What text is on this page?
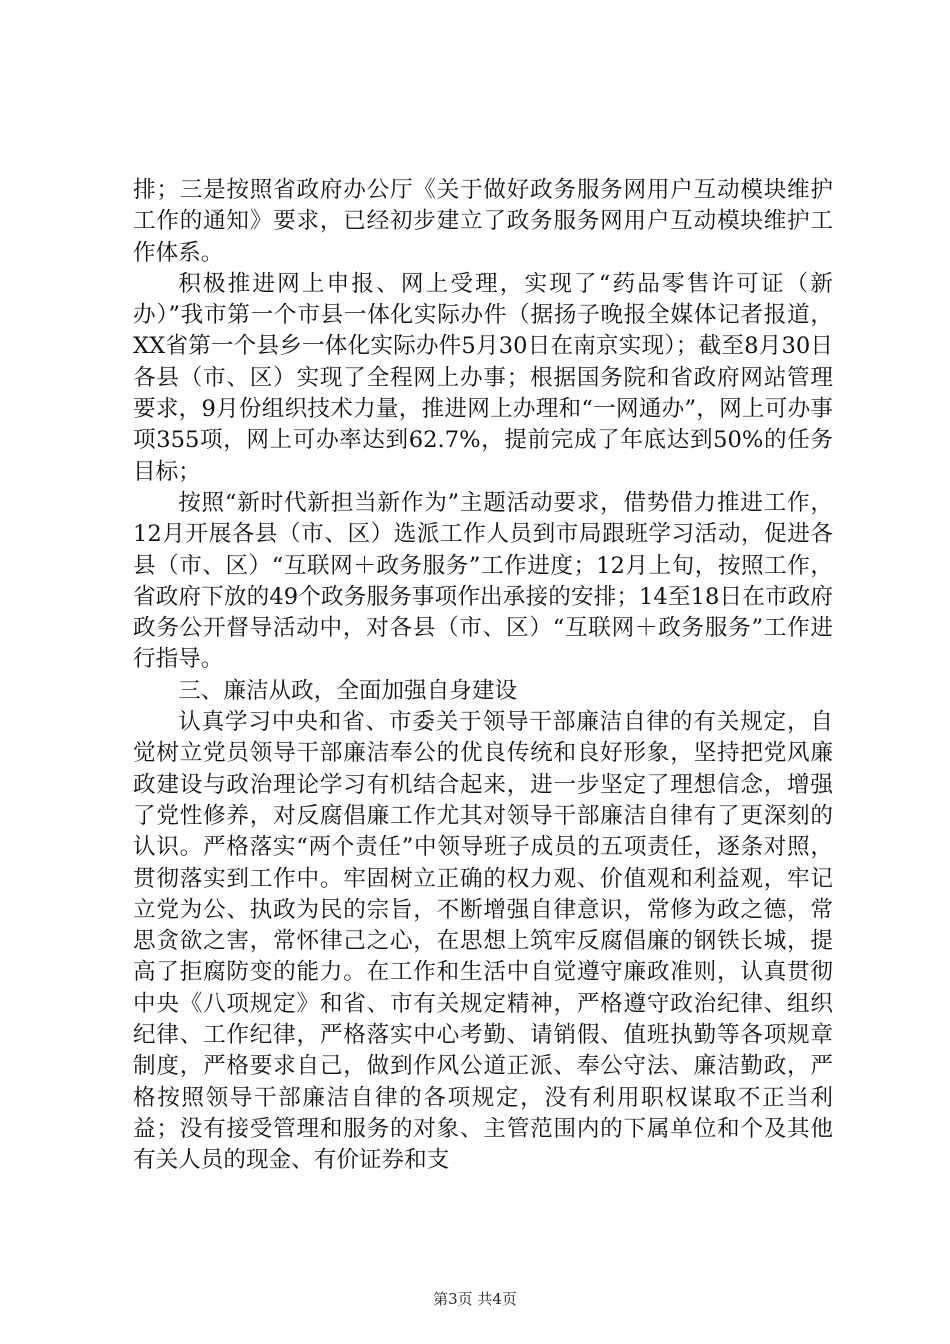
排；三是按照省政府办公厅《关于做好政务服务网用户互动模块维护工作的通知》要求，已经初步建立了政务服务网用户互动模块维护工作体系。

积极推进网上申报、网上受理，实现了“药品零售许可证（新办）”我市第一个市县一体化实际办件（据扬子晚报全媒体记者报道，XX省第一个县乡一体化实际办件5月30日在南京实现）；截至8月30日各县（市、区）实现了全程网上办事；根据国务院和省政府网站管理要求，9月份组织技术力量，推进网上办理和“一网通办”，网上可办事项355项，网上可办率达到62.7%，提前完成了年底达到50%的任务目标；

按照“新时代新担当新作为”主题活动要求，借势借力推进工作，12月开展各县（市、区）选派工作人员到市局跟班学习活动，促进各县（市、区）“互联网＋政务服务”工作进度；12月上旬，按照工作，省政府下放的49个政务服务事项作出承接的安排；14至18日在市政府政务公开督导活动中，对各县（市、区）“互联网＋政务服务”工作进行指导。

三、廉洁从政，全面加强自身建设

认真学习中央和省、市委关于领导干部廉洁自律的有关规定，自觉树立党员领导干部廉洁奉公的优良传统和良好形象，坚持把党风廉政建设与政治理论学习有机结合起来，进一步坚定了理想信念，增强了党性修养，对反腐倡廉工作尤其对领导干部廉洁自律有了更深刻的认识。严格落实“两个责任”中领导班子成员的五项责任，逐条对照，贯彻落实到工作中。牢固树立正确的权力观、价值观和利益观，牢记立党为公、执政为民的宗旨，不断增强自律意识，常修为政之德，常思贪欲之害，常怀律己之心，在思想上筑牢反腐倡廉的钢铁长城，提高了拒腐防变的能力。在工作和生活中自觉遵守廉政准则，认真贯彻中央《八项规定》和省、市有关规定精神，严格遵守政治纪律、组织纪律、工作纪律，严格落实中心考勤、请销假、值班执勤等各项规章制度，严格要求自己，做到作风公道正派、奉公守法、廉洁勤政，严格按照领导干部廉洁自律的各项规定，没有利用职权谋取不正当利益；没有接受管理和服务的对象、主管范围内的下属单位和个及其他有关人员的现金、有价证券和支

第3页 共4页
